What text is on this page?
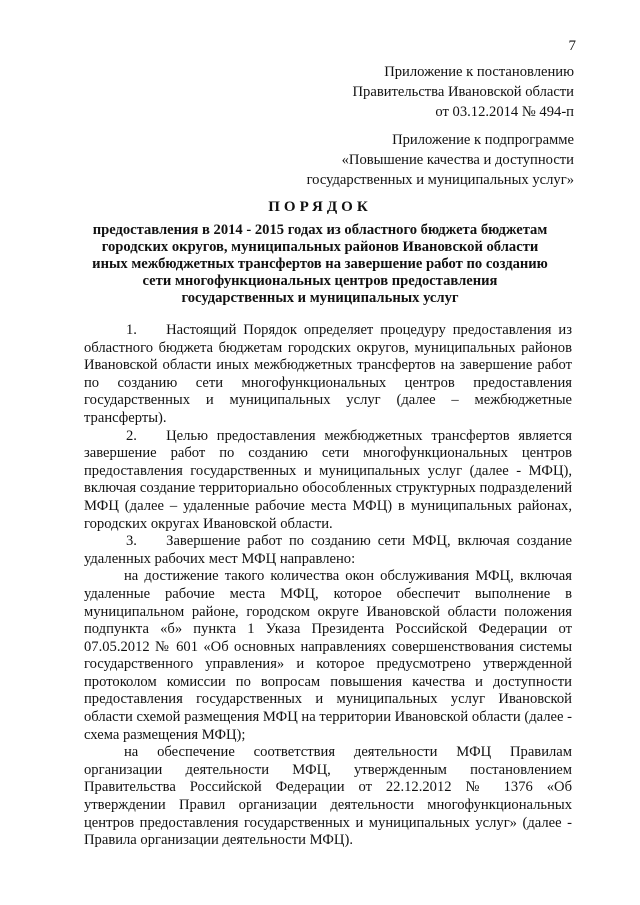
7
Приложение к постановлению
Правительства Ивановской области
от 03.12.2014 № 494-п
Приложение к подпрограмме
«Повышение качества и доступности
государственных и муниципальных услуг»
ПОРЯДОК
предоставления в 2014 - 2015 годах из областного бюджета бюджетам
городских округов, муниципальных районов Ивановской области
иных межбюджетных трансфертов на завершение работ по созданию
сети многофункциональных центров предоставления
государственных и муниципальных услуг

1.  Настоящий Порядок определяет процедуру предоставления из областного бюджета бюджетам городских округов, муниципальных районов Ивановской области иных межбюджетных трансфертов на завершение работ по созданию сети многофункциональных центров предоставления государственных и муниципальных услуг (далее – межбюджетные трансферты).

2.  Целью предоставления межбюджетных трансфертов является завершение работ по созданию сети многофункциональных центров предоставления государственных и муниципальных услуг (далее - МФЦ), включая создание территориально обособленных структурных подразделений МФЦ (далее – удаленные рабочие места МФЦ) в муниципальных районах, городских округах Ивановской области.

3.  Завершение работ по созданию сети МФЦ, включая создание удаленных рабочих мест МФЦ направлено:

на достижение такого количества окон обслуживания МФЦ, включая удаленные рабочие места МФЦ, которое обеспечит выполнение в муниципальном районе, городском округе Ивановской области положения подпункта «б» пункта 1 Указа Президента Российской Федерации от 07.05.2012 № 601 «Об основных направлениях совершенствования системы государственного управления» и которое предусмотрено утвержденной протоколом комиссии по вопросам повышения качества и доступности предоставления государственных и муниципальных услуг Ивановской области схемой размещения МФЦ на территории Ивановской области (далее - схема размещения МФЦ);

на обеспечение соответствия деятельности МФЦ Правилам организации деятельности МФЦ, утвержденным постановлением Правительства Российской Федерации от 22.12.2012 № 1376 «Об утверждении Правил организации деятельности многофункциональных центров предоставления государственных и муниципальных услуг» (далее - Правила организации деятельности МФЦ).
